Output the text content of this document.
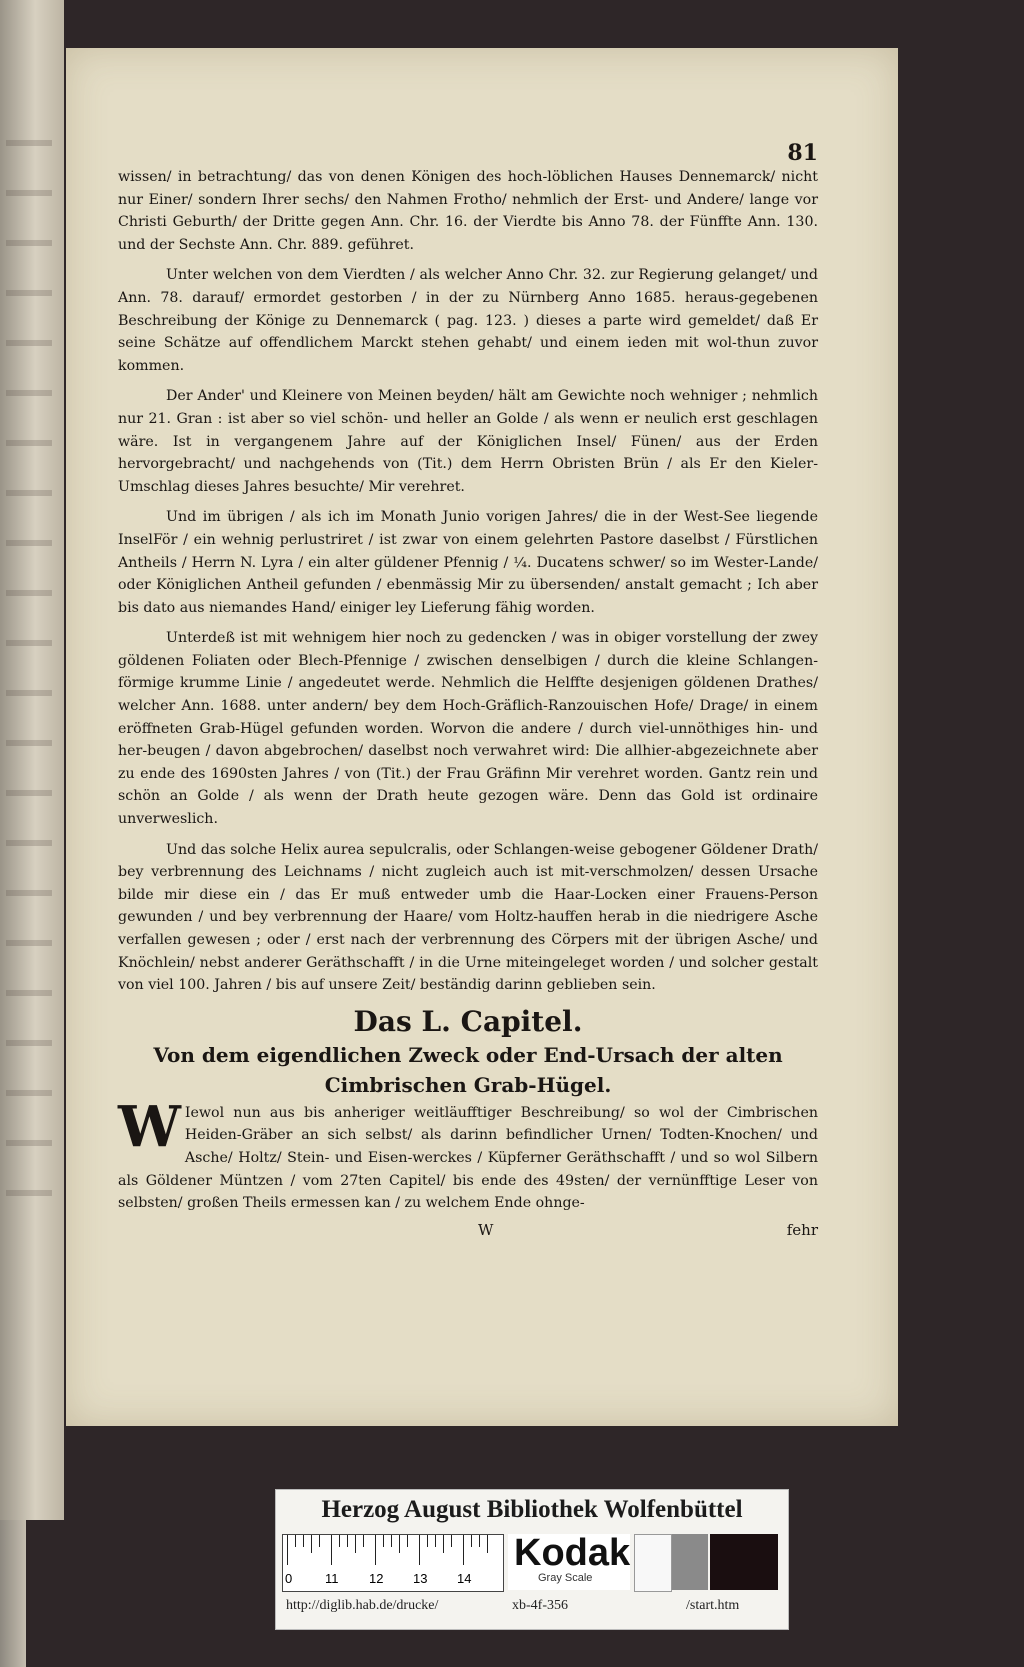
81

wissen/ in betrachtung/ das von denen Königen des hoch-löblichen Hauses Dennemarck/ nicht nur Einer/ sondern Ihrer sechs/ den Nahmen Frotho/ nehmlich der Erst- und Andere/ lange vor Christi Geburth/ der Dritte gegen Ann. Chr. 16. der Vierdte bis Anno 78. der Fünffte Ann. 130. und der Sechste Ann. Chr. 889. geführet.

Unter welchen von dem Vierdten / als welcher Anno Chr. 32. zur Regierung gelanget/ und Ann. 78. darauf/ ermordet gestorben / in der zu Nürnberg Anno 1685. heraus-gegebenen Beschreibung der Könige zu Dennemarck ( pag. 123. ) dieses a parte wird gemeldet/ daß Er seine Schätze auf offendlichem Marckt stehen gehabt/ und einem ieden mit wol-thun zuvor kommen.

Der Ander' und Kleinere von Meinen beyden/ hält am Gewichte noch wehniger ; nehmlich nur 21. Gran : ist aber so viel schön- und heller an Golde / als wenn er neulich erst geschlagen wäre. Ist in vergangenem Jahre auf der Königlichen Insel/ Fünen/ aus der Erden hervorgebracht/ und nachgehends von (Tit.) dem Herrn Obristen Brün / als Er den Kieler-Umschlag dieses Jahres besuchte/ Mir verehret.

Und im übrigen / als ich im Monath Junio vorigen Jahres/ die in der West-See liegende InselFör / ein wehnig perlustriret / ist zwar von einem gelehrten Pastore daselbst / Fürstlichen Antheils / Herrn N. Lyra / ein alter güldener Pfennig / ¼. Ducatens schwer/ so im Wester-Lande/ oder Königlichen Antheil gefunden / ebenmässig Mir zu übersenden/ anstalt gemacht ; Ich aber bis dato aus niemandes Hand/ einiger ley Lieferung fähig worden.

Unterdeß ist mit wehnigem hier noch zu gedencken / was in obiger vorstellung der zwey göldenen Foliaten oder Blech-Pfennige / zwischen denselbigen / durch die kleine Schlangen-förmige krumme Linie / angedeutet werde. Nehmlich die Helffte desjenigen göldenen Drathes/ welcher Ann. 1688. unter andern/ bey dem Hoch-Gräflich-Ranzouischen Hofe/ Drage/ in einem eröffneten Grab-Hügel gefunden worden. Worvon die andere / durch viel-unnöthiges hin- und her-beugen / davon abgebrochen/ daselbst noch verwahret wird: Die allhier-abgezeichnete aber zu ende des 1690sten Jahres / von (Tit.) der Frau Gräfinn Mir verehret worden. Gantz rein und schön an Golde / als wenn der Drath heute gezogen wäre. Denn das Gold ist ordinaire unverweslich.

Und das solche Helix aurea sepulcralis, oder Schlangen-weise gebogener Göldener Drath/ bey verbrennung des Leichnams / nicht zugleich auch ist mit-verschmolzen/ dessen Ursache bilde mir diese ein / das Er muß entweder umb die Haar-Locken einer Frauens-Person gewunden / und bey verbrennung der Haare/ vom Holtz-hauffen herab in die niedrigere Asche verfallen gewesen ; oder / erst nach der verbrennung des Cörpers mit der übrigen Asche/ und Knöchlein/ nebst anderer Geräthschafft / in die Urne miteingeleget worden / und solcher gestalt von viel 100. Jahren / bis auf unsere Zeit/ beständig darinn geblieben sein.

Das L. Capitel.
Von dem eigendlichen Zweck oder End-Ursach der alten
Cimbrischen Grab-Hügel.

W Iewol nun aus bis anheriger weitläufftiger Beschreibung/ so wol der Cimbrischen Heiden-Gräber an sich selbst/ als darinn befindlicher Urnen/ Todten-Knochen/ und Asche/ Holtz/ Stein- und Eisen-werckes / Küpferner Geräthschafft / und so wol Silbern als Göldener Müntzen / vom 27ten Capitel/ bis ende des 49sten/ der vernünfftige Leser von selbsten/ großen Theils ermessen kan / zu welchem Ende ohnge-

W	fehr
Herzog August Bibliothek Wolfenbüttel
0	11 12 13 14
Kodak
Gray Scale
http://diglib.hab.de/drucke/	xb-4f-356	/start.htm
